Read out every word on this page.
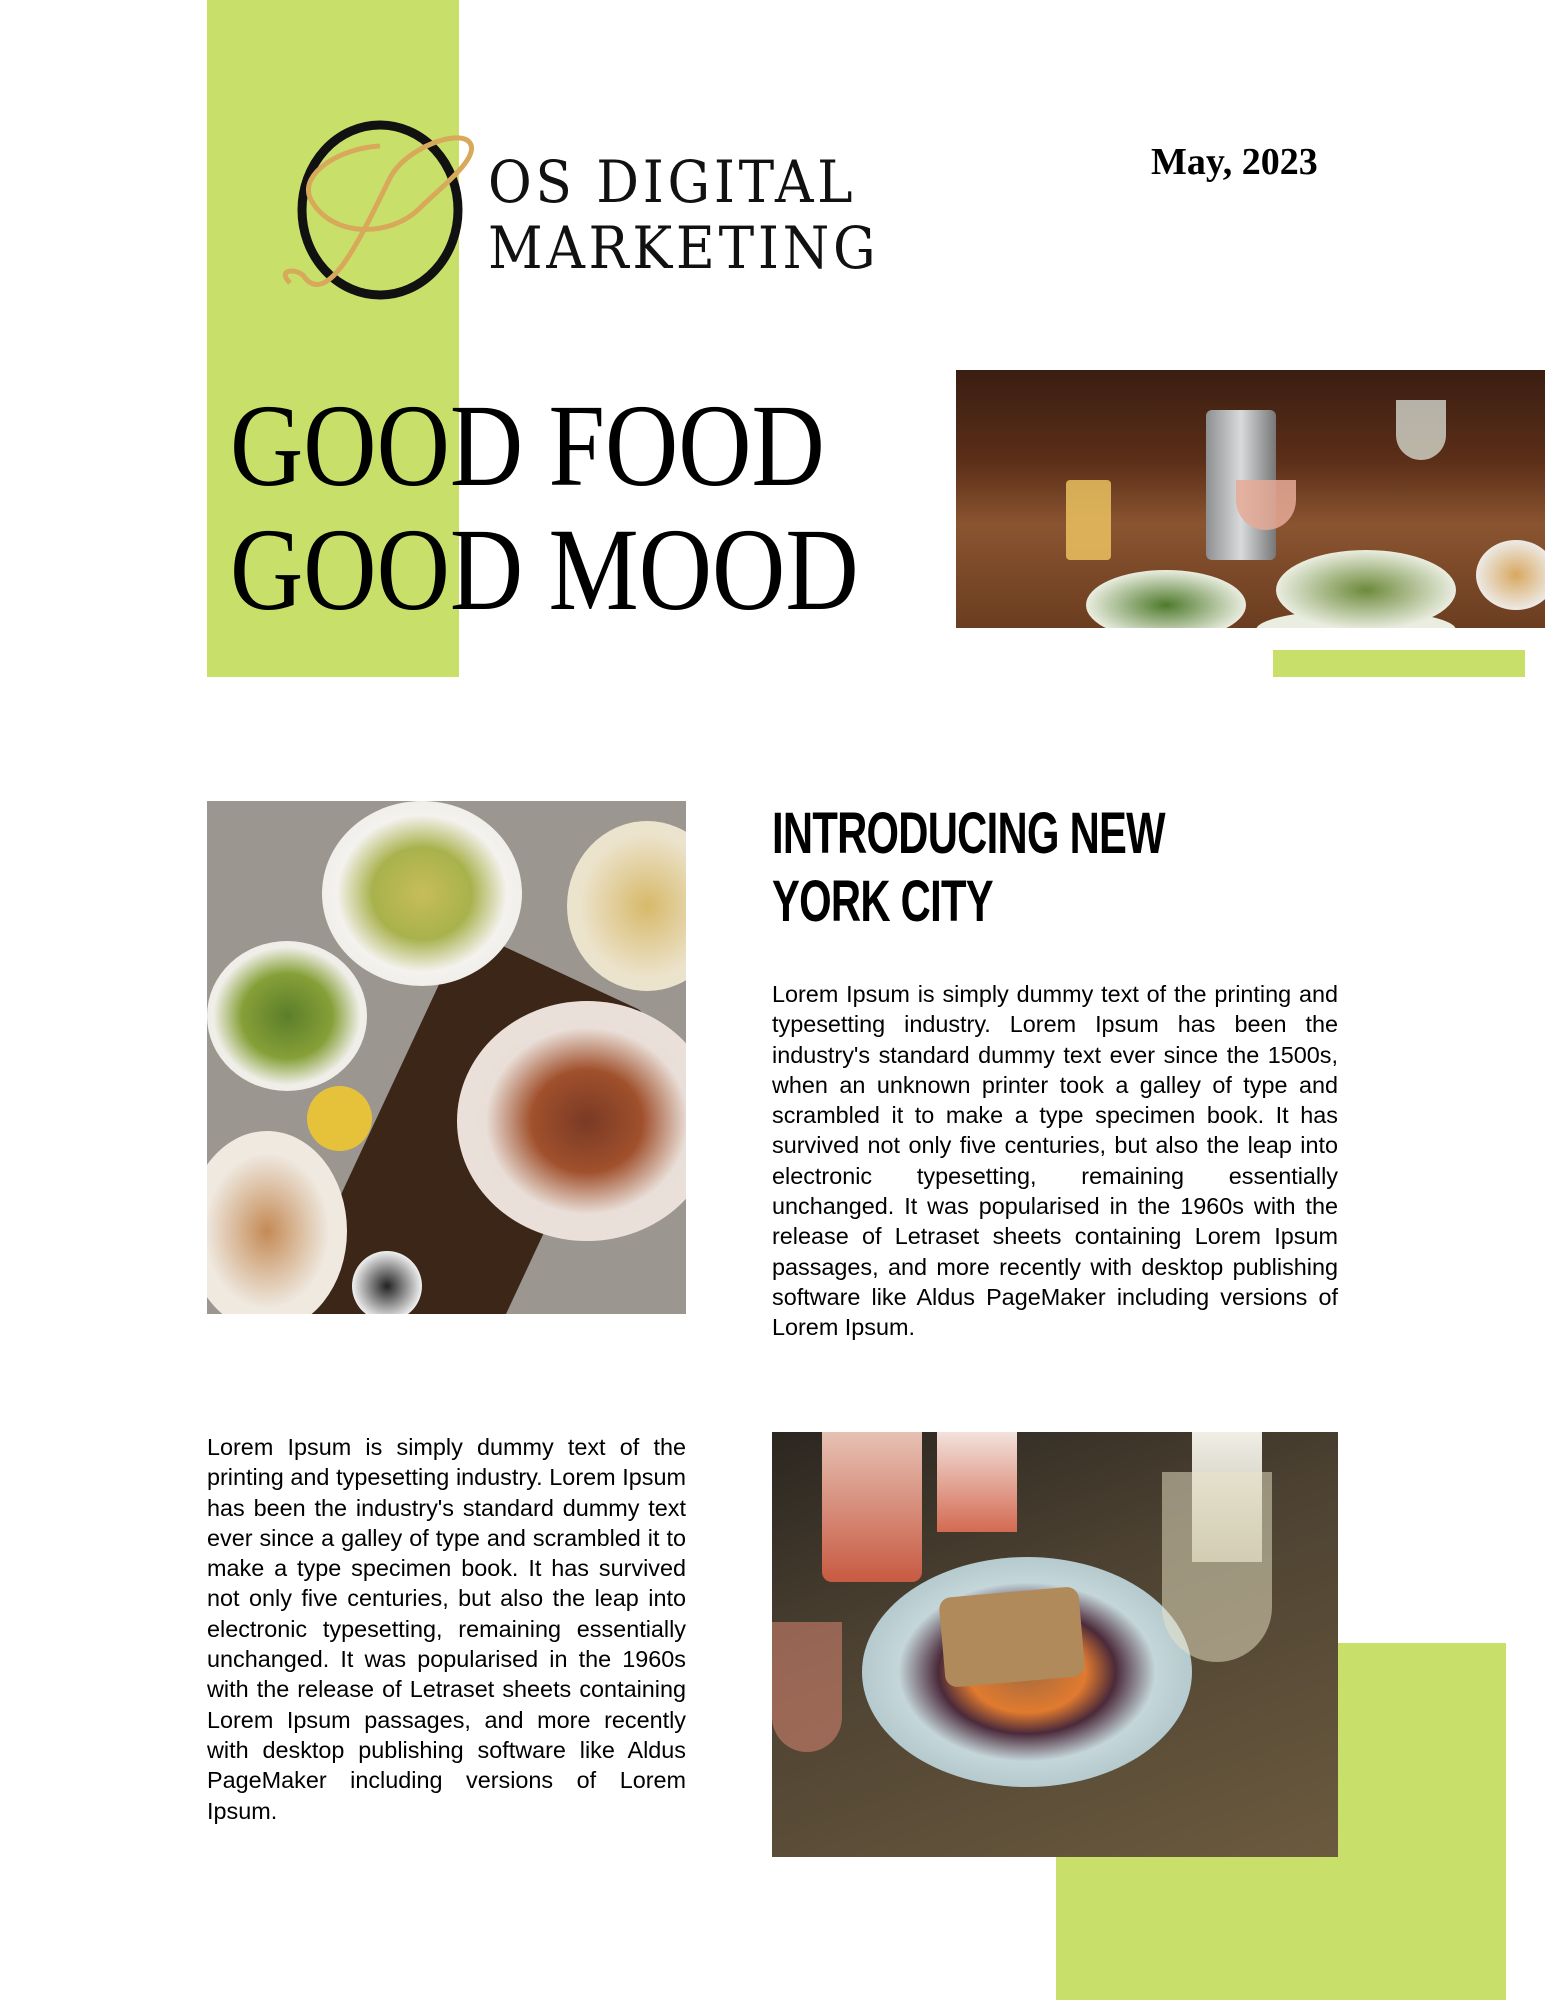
OS DIGITAL
MARKETING
May, 2023
GOOD FOOD
GOOD MOOD
INTRODUCING NEW
YORK CITY
Lorem Ipsum is simply dummy text of the printing and typesetting industry. Lorem Ipsum has been the industry's standard dummy text ever since the 1500s, when an unknown printer took a galley of type and scrambled it to make a type specimen book. It has survived not only five centuries, but also the leap into electronic typesetting, remaining essentially unchanged. It was popularised in the 1960s with the release of Letraset sheets containing Lorem Ipsum passages, and more recently with desktop publishing software like Aldus PageMaker including versions of Lorem Ipsum.
Lorem Ipsum is simply dummy text of the printing and typesetting industry. Lorem Ipsum has been the industry's standard dummy text ever since a galley of type and scrambled it to make a type specimen book. It has survived not only five centuries, but also the leap into electronic typesetting, remaining essentially unchanged. It was popularised in the 1960s with the release of Letraset sheets containing Lorem Ipsum passages, and more recently with desktop publishing software like Aldus PageMaker including versions of Lorem Ipsum.
